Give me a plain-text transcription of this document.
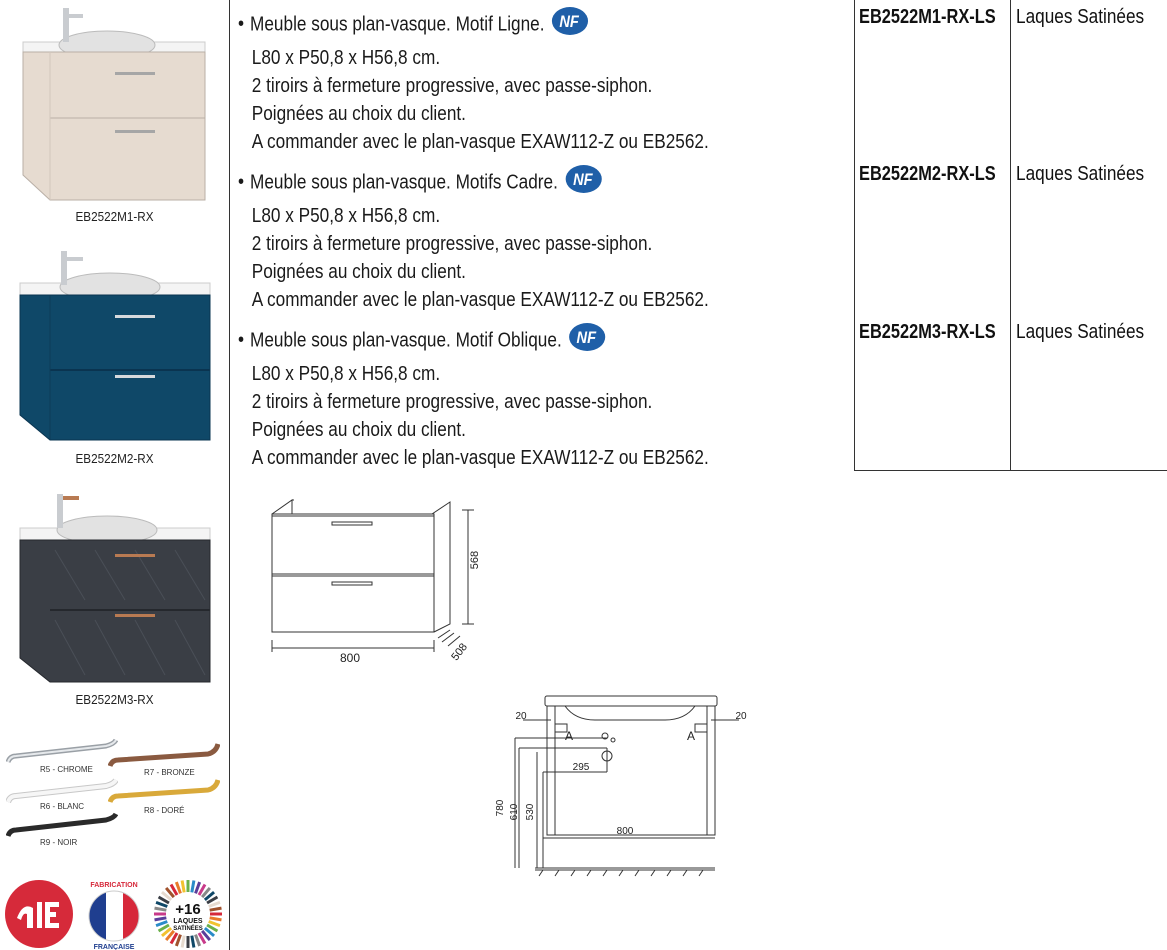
EB2522M1-RX
EB2522M2-RX
EB2522M3-RX
R5 - CHROME	R7 - BRONZE
R6 - BLANC	R8 - DORÉ
R9 - NOIR
FABRICATION
FRANÇAISE
+16
LAQUES
SATINÉES
• Meuble sous plan-vasque. Motif Ligne. NF
L80 x P50,8 x H56,8 cm.
2 tiroirs à fermeture progressive, avec passe-siphon.
Poignées au choix du client.
A commander avec le plan-vasque EXAW112-Z ou EB2562.
• Meuble sous plan-vasque. Motifs Cadre. NF
L80 x P50,8 x H56,8 cm.
2 tiroirs à fermeture progressive, avec passe-siphon.
Poignées au choix du client.
A commander avec le plan-vasque EXAW112-Z ou EB2562.
• Meuble sous plan-vasque. Motif Oblique. NF
L80 x P50,8 x H56,8 cm.
2 tiroirs à fermeture progressive, avec passe-siphon.
Poignées au choix du client.
A commander avec le plan-vasque EXAW112-Z ou EB2562.
EB2522M1-RX-LS Laques Satinées
EB2522M2-RX-LS Laques Satinées
EB2522M3-RX-LS Laques Satinées
568
800	508
20	20
A	A
295
780 610 530
800
